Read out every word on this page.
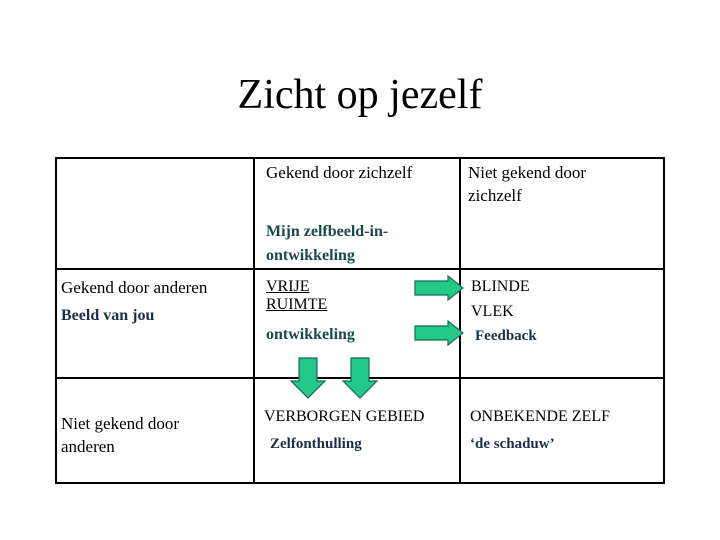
Zicht op jezelf
Gekend door zichzelf	Niet gekend door
zichzelf
Mijn zelfbeeld-in-
ontwikkeling
Gekend door anderen
Beeld van jou
Niet gekend door
anderen
VRIJE
RUIMTE
ontwikkeling
BLINDE
VLEK
Feedback
VERBORGEN GEBIED
Zelfonthulling
ONBEKENDE ZELF
‘de schaduw’
